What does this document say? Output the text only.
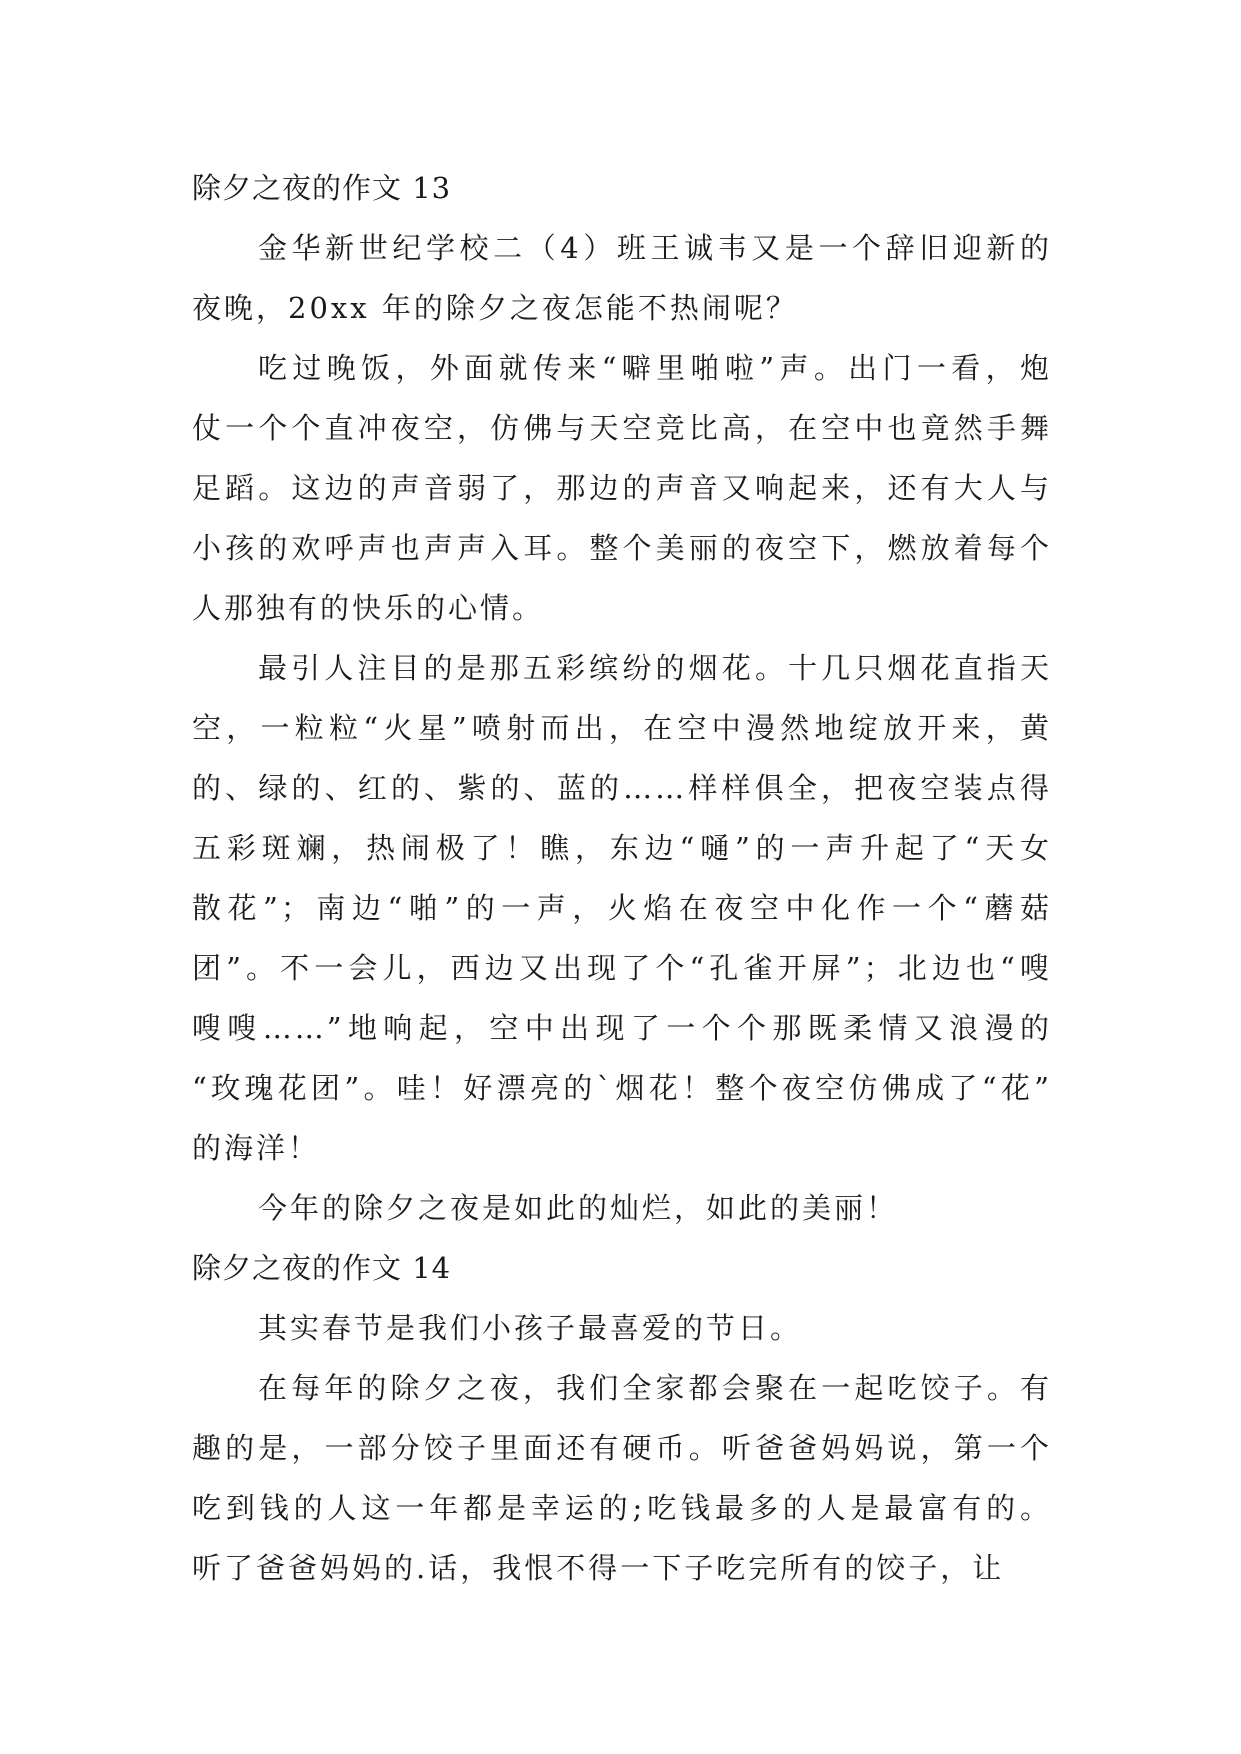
除夕之夜的作文 13
金华新世纪学校二（4）班王诚韦又是一个辞旧迎新的
夜晚，20xx 年的除夕之夜怎能不热闹呢？
吃过晚饭，外面就传来“噼里啪啦”声。出门一看，炮
仗一个个直冲夜空，仿佛与天空竞比高，在空中也竟然手舞
足蹈。这边的声音弱了，那边的声音又响起来，还有大人与
小孩的欢呼声也声声入耳。整个美丽的夜空下，燃放着每个
人那独有的快乐的心情。
最引人注目的是那五彩缤纷的烟花。十几只烟花直指天
空，一粒粒“火星”喷射而出，在空中漫然地绽放开来，黄
的、绿的、红的、紫的、蓝的……样样俱全，把夜空装点得
五彩斑斓，热闹极了！瞧，东边“嗵”的一声升起了“天女
散花”；南边“啪”的一声，火焰在夜空中化作一个“蘑菇
团”。不一会儿，西边又出现了个“孔雀开屏”；北边也“嗖
嗖嗖……”地响起，空中出现了一个个那既柔情又浪漫的
“玫瑰花团”。哇！好漂亮的`烟花！整个夜空仿佛成了“花”
的海洋！
今年的除夕之夜是如此的灿烂，如此的美丽！
除夕之夜的作文 14
其实春节是我们小孩子最喜爱的节日。
在每年的除夕之夜，我们全家都会聚在一起吃饺子。有
趣的是，一部分饺子里面还有硬币。听爸爸妈妈说，第一个
吃到钱的人这一年都是幸运的;吃钱最多的人是最富有的。
听了爸爸妈妈的.话，我恨不得一下子吃完所有的饺子，让
